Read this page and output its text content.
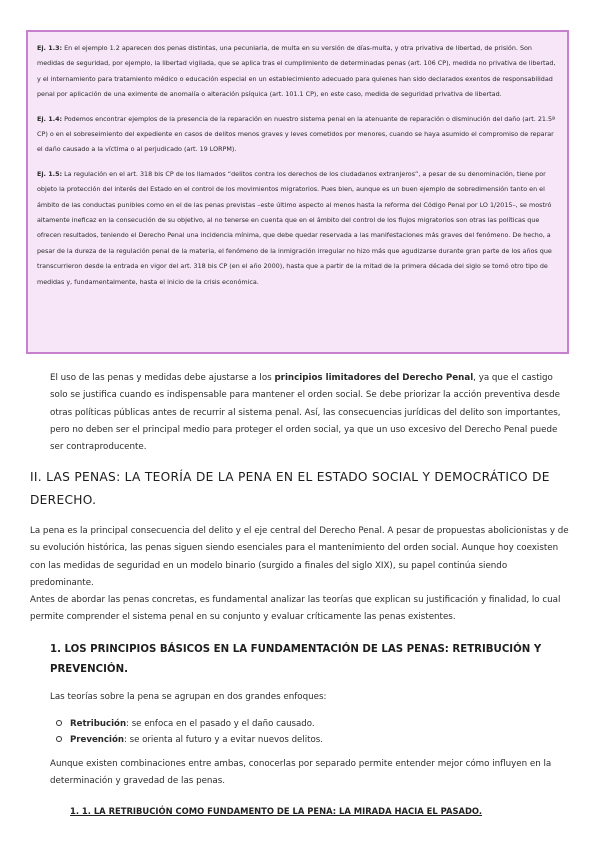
Ej. 1.3: En el ejemplo 1.2 aparecen dos penas distintas, una pecuniaria, de multa en su versión de días-multa, y otra privativa de libertad, de prisión. Son medidas de seguridad, por ejemplo, la libertad vigilada, que se aplica tras el cumplimiento de determinadas penas (art. 106 CP), medida no privativa de libertad, y el internamiento para tratamiento médico o educación especial en un establecimiento adecuado para quienes han sido declarados exentos de responsabilidad penal por aplicación de una eximente de anomalía o alteración psíquica (art. 101.1 CP), en este caso, medida de seguridad privativa de libertad.

Ej. 1.4: Podemos encontrar ejemplos de la presencia de la reparación en nuestro sistema penal en la atenuante de reparación o disminución del daño (art. 21.5ª CP) o en el sobreseimiento del expediente en casos de delitos menos graves y leves cometidos por menores, cuando se haya asumido el compromiso de reparar el daño causado a la víctima o al perjudicado (art. 19 LORPM).

Ej. 1.5: La regulación en el art. 318 bis CP de los llamados “delitos contra los derechos de los ciudadanos extranjeros”, a pesar de su denominación, tiene por objeto la protección del interés del Estado en el control de los movimientos migratorios. Pues bien, aunque es un buen ejemplo de sobredimensión tanto en el ámbito de las conductas punibles como en el de las penas previstas –este último aspecto al menos hasta la reforma del Código Penal por LO 1/2015–, se mostró altamente ineficaz en la consecución de su objetivo, al no tenerse en cuenta que en el ámbito del control de los flujos migratorios son otras las políticas que ofrecen resultados, teniendo el Derecho Penal una incidencia mínima, que debe quedar reservada a las manifestaciones más graves del fenómeno. De hecho, a pesar de la dureza de la regulación penal de la materia, el fenómeno de la inmigración irregular no hizo más que agudizarse durante gran parte de los años que transcurrieron desde la entrada en vigor del art. 318 bis CP (en el año 2000), hasta que a partir de la mitad de la primera década del siglo se tomó otro tipo de medidas y, fundamentalmente, hasta el inicio de la crisis económica.

El uso de las penas y medidas debe ajustarse a los principios limitadores del Derecho Penal, ya que el castigo solo se justifica cuando es indispensable para mantener el orden social. Se debe priorizar la acción preventiva desde otras políticas públicas antes de recurrir al sistema penal. Así, las consecuencias jurídicas del delito son importantes, pero no deben ser el principal medio para proteger el orden social, ya que un uso excesivo del Derecho Penal puede ser contraproducente.

II. LAS PENAS: LA TEORÍA DE LA PENA EN EL ESTADO SOCIAL Y DEMOCRÁTICO DE DERECHO.

La pena es la principal consecuencia del delito y el eje central del Derecho Penal. A pesar de propuestas abolicionistas y de su evolución histórica, las penas siguen siendo esenciales para el mantenimiento del orden social. Aunque hoy coexisten con las medidas de seguridad en un modelo binario (surgido a finales del siglo XIX), su papel continúa siendo predominante.

Antes de abordar las penas concretas, es fundamental analizar las teorías que explican su justificación y finalidad, lo cual permite comprender el sistema penal en su conjunto y evaluar críticamente las penas existentes.

1. LOS PRINCIPIOS BÁSICOS EN LA FUNDAMENTACIÓN DE LAS PENAS: RETRIBUCIÓN Y PREVENCIÓN.

Las teorías sobre la pena se agrupan en dos grandes enfoques:

Retribución: se enfoca en el pasado y el daño causado.
Prevención: se orienta al futuro y a evitar nuevos delitos.

Aunque existen combinaciones entre ambas, conocerlas por separado permite entender mejor cómo influyen en la determinación y gravedad de las penas.

1. 1. LA RETRIBUCIÓN COMO FUNDAMENTO DE LA PENA: LA MIRADA HACIA EL PASADO.
